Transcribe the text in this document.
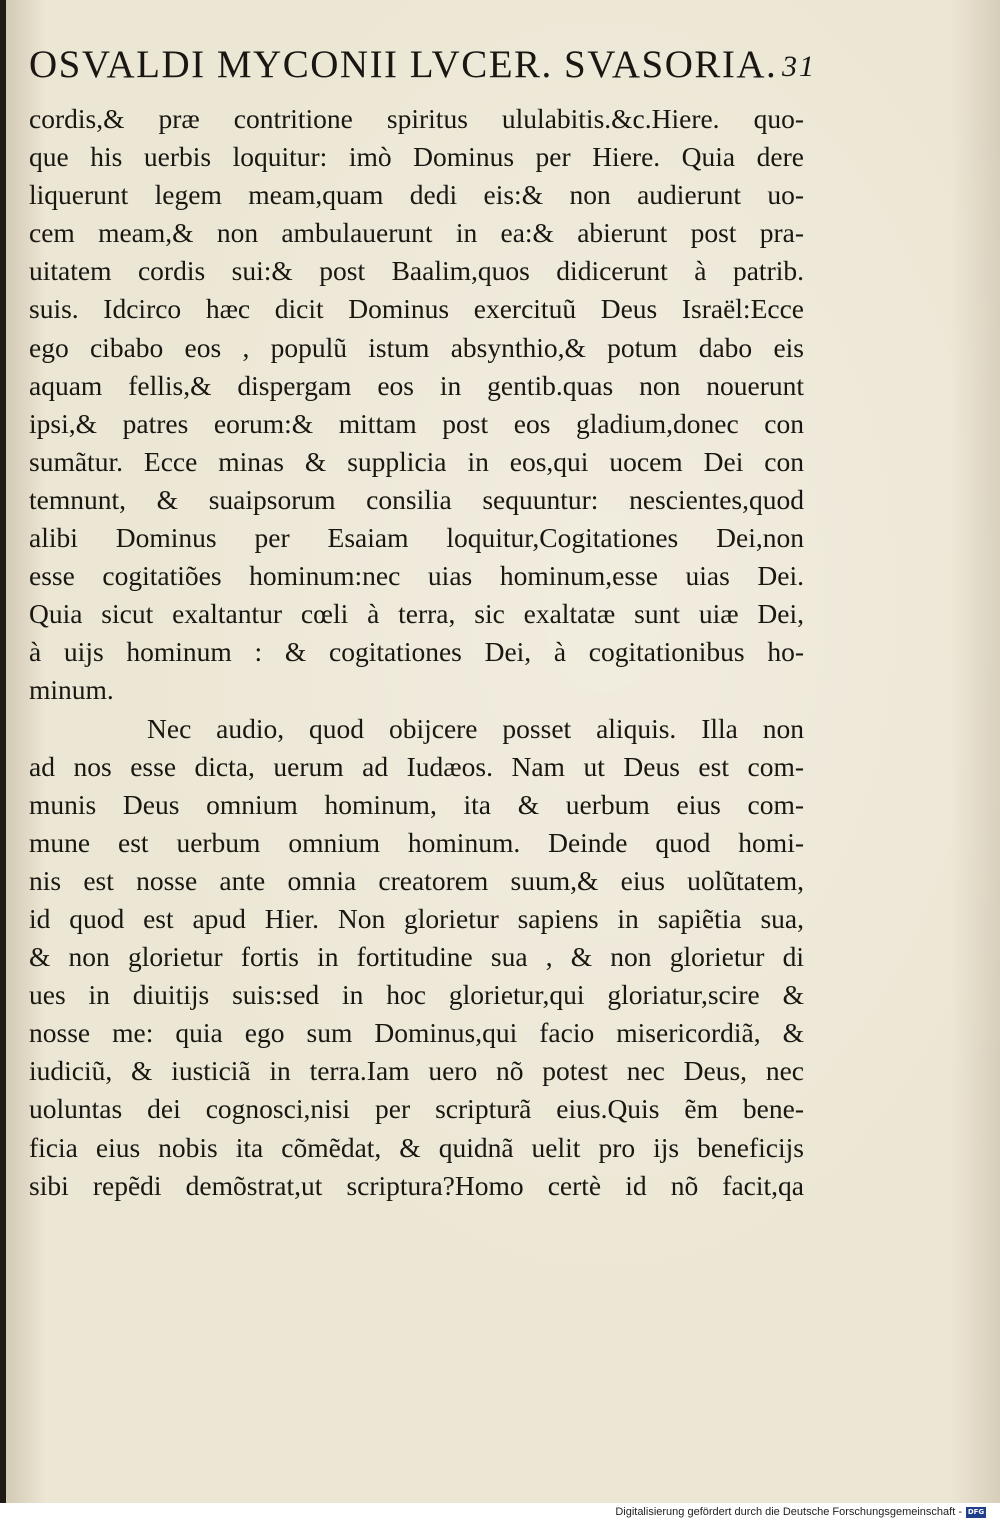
OSVALDI MYCONII LVCER. SVASORIA. 31
cordis,& præ contritione spiritus ululabitis.&c.Hiere. quo-
que his uerbis loquitur: imò Dominus per Hiere. Quia dere
liquerunt legem meam,quam dedi eis:& non audierunt uo-
cem meam,& non ambulauerunt in ea:& abierunt post pra-
uitatem cordis sui:& post Baalim,quos didicerunt à patrib.
suis. Idcirco hæc dicit Dominus exercituũ Deus Israël:Ecce
ego cibabo eos , populũ istum absynthio,& potum dabo eis
aquam fellis,& dispergam eos in gentib.quas non nouerunt
ipsi,& patres eorum:& mittam post eos gladium,donec con
sumãtur. Ecce minas & supplicia in eos,qui uocem Dei con
temnunt, & suaipsorum consilia sequuntur: nescientes,quod
alibi Dominus per Esaiam loquitur,Cogitationes Dei,non
esse cogitatiões hominum:nec uias hominum,esse uias Dei.
Quia sicut exaltantur cœli à terra, sic exaltatæ sunt uiæ Dei,
à uijs hominum : & cogitationes Dei, à cogitationibus ho-
minum.
Nec audio, quod obijcere posset aliquis. Illa non
ad nos esse dicta, uerum ad Iudæos. Nam ut Deus est com-
munis Deus omnium hominum, ita & uerbum eius com-
mune est uerbum omnium hominum. Deinde quod homi-
nis est nosse ante omnia creatorem suum,& eius uolũtatem,
id quod est apud Hier. Non glorietur sapiens in sapiẽtia sua,
& non glorietur fortis in fortitudine sua , & non glorietur di
ues in diuitijs suis:sed in hoc glorietur,qui gloriatur,scire &
nosse me: quia ego sum Dominus,qui facio misericordiã, &
iudiciũ, & iusticiã in terra.Iam uero nõ potest nec Deus, nec
uoluntas dei cognosci,nisi per scripturã eius.Quis ẽm bene-
ficia eius nobis ita cõmẽdat, & quidnã uelit pro ijs beneficijs
sibi repẽdi demõstrat,ut scriptura?Homo certè id nõ facit,qa
Digitalisierung gefördert durch die Deutsche Forschungsgemeinschaft - DFG
